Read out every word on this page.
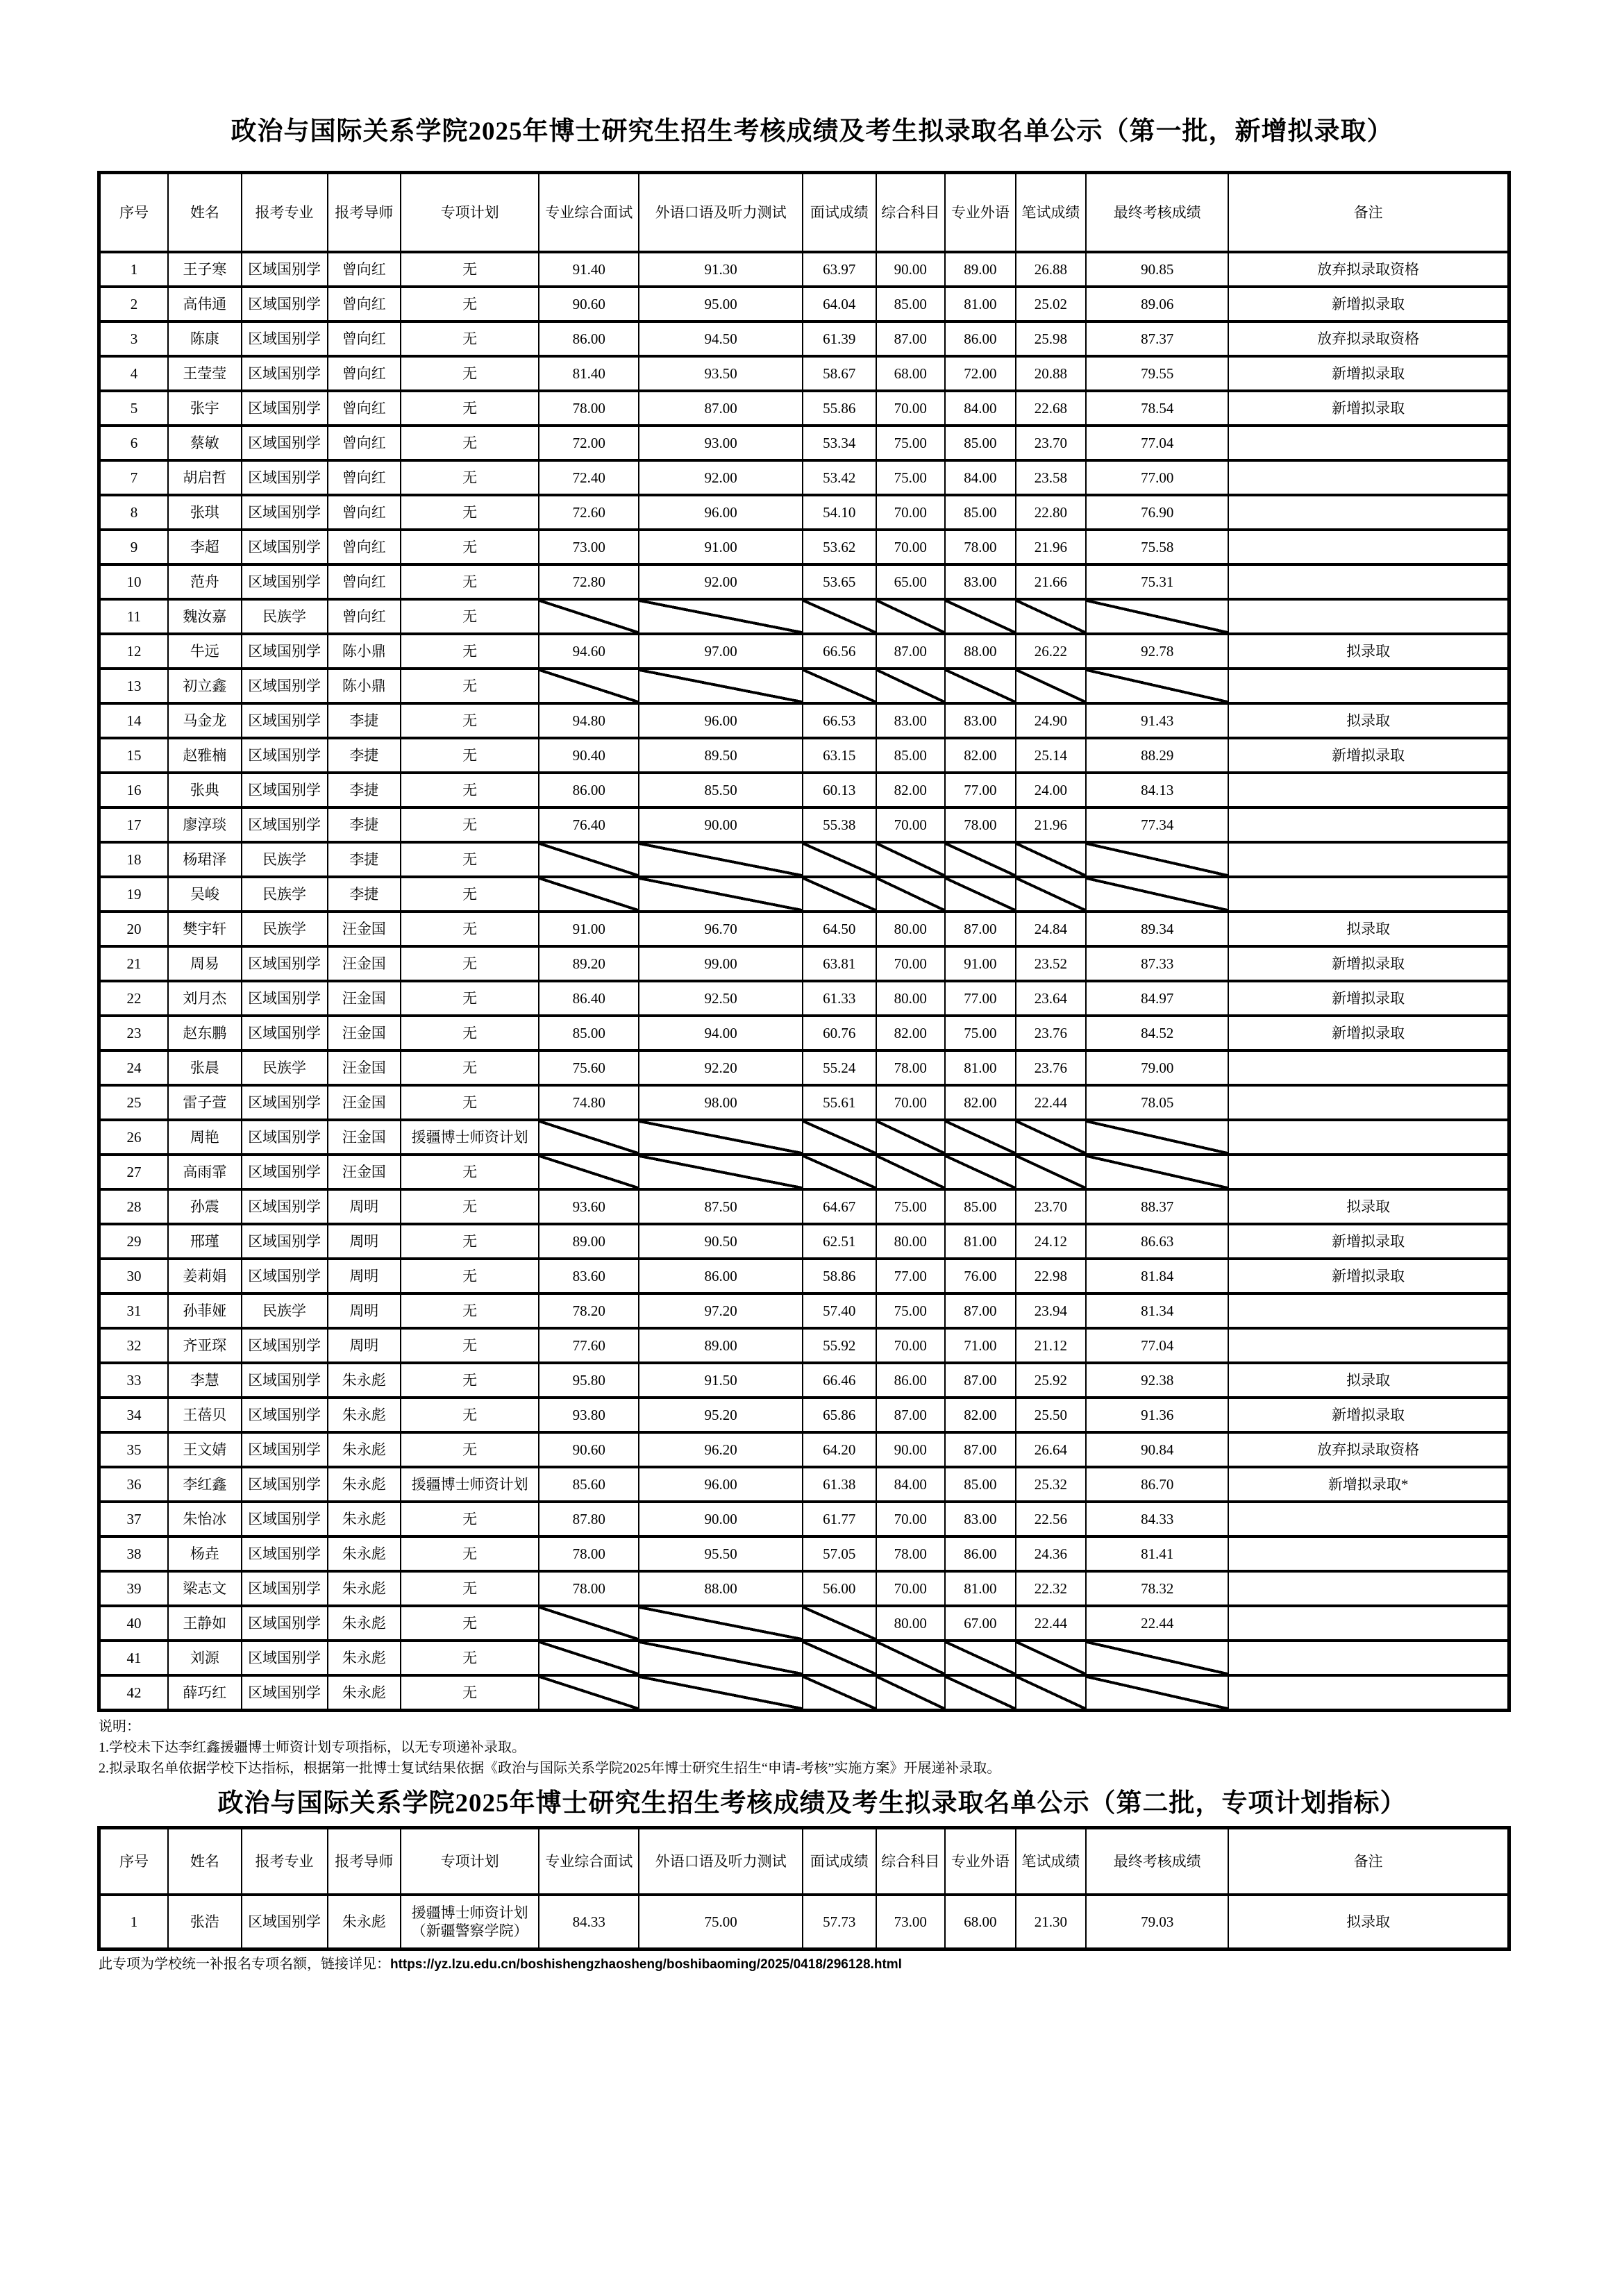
政治与国际关系学院2025年博士研究生招生考核成绩及考生拟录取名单公示（第一批，新增拟录取）
序号	姓名	报考专业	报考导师	专项计划	专业综合面试	外语口语及听力测试	面试成绩	综合科目	专业外语	笔试成绩	最终考核成绩	备注
1	王子寒	区域国别学	曾向红	无	91.40	91.30	63.97	90.00	89.00	26.88	90.85	放弃拟录取资格
2	高伟通	区域国别学	曾向红	无	90.60	95.00	64.04	85.00	81.00	25.02	89.06	新增拟录取
3	陈康	区域国别学	曾向红	无	86.00	94.50	61.39	87.00	86.00	25.98	87.37	放弃拟录取资格
4	王莹莹	区域国别学	曾向红	无	81.40	93.50	58.67	68.00	72.00	20.88	79.55	新增拟录取
5	张宇	区域国别学	曾向红	无	78.00	87.00	55.86	70.00	84.00	22.68	78.54	新增拟录取
6	蔡敏	区域国别学	曾向红	无	72.00	93.00	53.34	75.00	85.00	23.70	77.04	
7	胡启哲	区域国别学	曾向红	无	72.40	92.00	53.42	75.00	84.00	23.58	77.00	
8	张琪	区域国别学	曾向红	无	72.60	96.00	54.10	70.00	85.00	22.80	76.90	
9	李超	区域国别学	曾向红	无	73.00	91.00	53.62	70.00	78.00	21.96	75.58	
10	范舟	区域国别学	曾向红	无	72.80	92.00	53.65	65.00	83.00	21.66	75.31	
11	魏汝嘉	民族学	曾向红	无								
12	牛远	区域国别学	陈小鼎	无	94.60	97.00	66.56	87.00	88.00	26.22	92.78	拟录取
13	初立鑫	区域国别学	陈小鼎	无								
14	马金龙	区域国别学	李捷	无	94.80	96.00	66.53	83.00	83.00	24.90	91.43	拟录取
15	赵雅楠	区域国别学	李捷	无	90.40	89.50	63.15	85.00	82.00	25.14	88.29	新增拟录取
16	张典	区域国别学	李捷	无	86.00	85.50	60.13	82.00	77.00	24.00	84.13	
17	廖淳琰	区域国别学	李捷	无	76.40	90.00	55.38	70.00	78.00	21.96	77.34	
18	杨珺泽	民族学	李捷	无								
19	吴峻	民族学	李捷	无								
20	樊宇轩	民族学	汪金国	无	91.00	96.70	64.50	80.00	87.00	24.84	89.34	拟录取
21	周易	区域国别学	汪金国	无	89.20	99.00	63.81	70.00	91.00	23.52	87.33	新增拟录取
22	刘月杰	区域国别学	汪金国	无	86.40	92.50	61.33	80.00	77.00	23.64	84.97	新增拟录取
23	赵东鹏	区域国别学	汪金国	无	85.00	94.00	60.76	82.00	75.00	23.76	84.52	新增拟录取
24	张晨	民族学	汪金国	无	75.60	92.20	55.24	78.00	81.00	23.76	79.00	
25	雷子萱	区域国别学	汪金国	无	74.80	98.00	55.61	70.00	82.00	22.44	78.05	
26	周艳	区域国别学	汪金国	援疆博士师资计划								
27	高雨霏	区域国别学	汪金国	无								
28	孙震	区域国别学	周明	无	93.60	87.50	64.67	75.00	85.00	23.70	88.37	拟录取
29	邢瑾	区域国别学	周明	无	89.00	90.50	62.51	80.00	81.00	24.12	86.63	新增拟录取
30	姜莉娟	区域国别学	周明	无	83.60	86.00	58.86	77.00	76.00	22.98	81.84	新增拟录取
31	孙菲娅	民族学	周明	无	78.20	97.20	57.40	75.00	87.00	23.94	81.34	
32	齐亚琛	区域国别学	周明	无	77.60	89.00	55.92	70.00	71.00	21.12	77.04	
33	李慧	区域国别学	朱永彪	无	95.80	91.50	66.46	86.00	87.00	25.92	92.38	拟录取
34	王蓓贝	区域国别学	朱永彪	无	93.80	95.20	65.86	87.00	82.00	25.50	91.36	新增拟录取
35	王文婧	区域国别学	朱永彪	无	90.60	96.20	64.20	90.00	87.00	26.64	90.84	放弃拟录取资格
36	李红鑫	区域国别学	朱永彪	援疆博士师资计划	85.60	96.00	61.38	84.00	85.00	25.32	86.70	新增拟录取*
37	朱怡冰	区域国别学	朱永彪	无	87.80	90.00	61.77	70.00	83.00	22.56	84.33	
38	杨垚	区域国别学	朱永彪	无	78.00	95.50	57.05	78.00	86.00	24.36	81.41	
39	梁志文	区域国别学	朱永彪	无	78.00	88.00	56.00	70.00	81.00	22.32	78.32	
40	王静如	区域国别学	朱永彪	无				80.00	67.00	22.44	22.44	
41	刘源	区域国别学	朱永彪	无								
42	薛巧红	区域国别学	朱永彪	无								
说明：
1.学校未下达李红鑫援疆博士师资计划专项指标，以无专项递补录取。
2.拟录取名单依据学校下达指标，根据第一批博士复试结果依据《政治与国际关系学院2025年博士研究生招生“申请-考核”实施方案》开展递补录取。
政治与国际关系学院2025年博士研究生招生考核成绩及考生拟录取名单公示（第二批，专项计划指标）
序号	姓名	报考专业	报考导师	专项计划	专业综合面试	外语口语及听力测试	面试成绩	综合科目	专业外语	笔试成绩	最终考核成绩	备注
1	张浩	区域国别学	朱永彪	援疆博士师资计划
（新疆警察学院）	84.33	75.00	57.73	73.00	68.00	21.30	79.03	拟录取
此专项为学校统一补报名专项名额，链接详见：https://yz.lzu.edu.cn/boshishengzhaosheng/boshibaoming/2025/0418/296128.html
